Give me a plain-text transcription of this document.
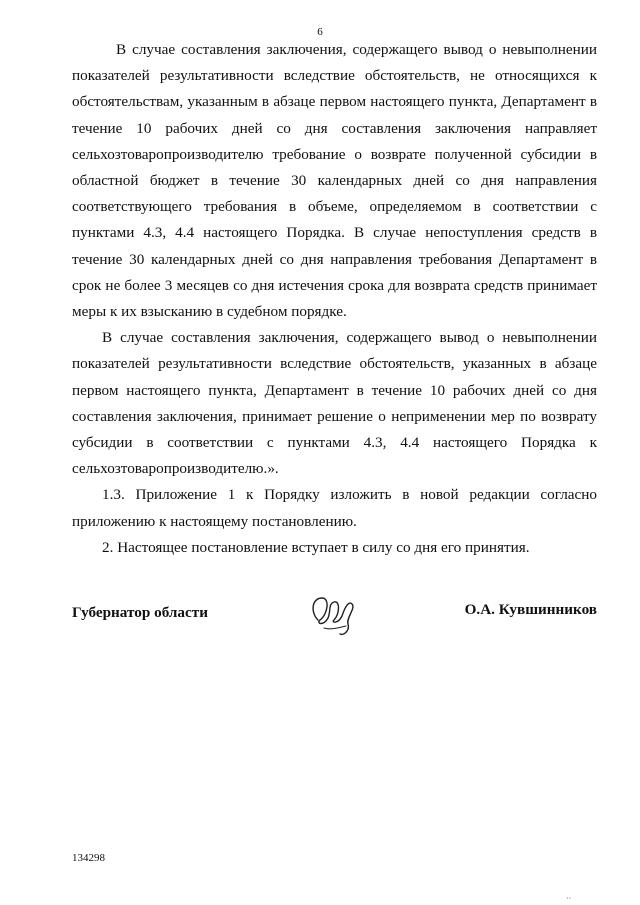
6

В случае составления заключения, содержащего вывод о невыполнении показателей результативности вследствие обстоятельств, не относящихся к обстоятельствам, указанным в абзаце первом настоящего пункта, Департамент в течение 10 рабочих дней со дня составления заключения направляет сельхозтоваропроизводителю требование о возврате полученной субсидии в областной бюджет в течение 30 календарных дней со дня направления соответствующего требования в объеме, определяемом в соответствии с пунктами 4.3, 4.4 настоящего Порядка. В случае непоступления средств в течение 30 календарных дней со дня направления требования Департамент в срок не более 3 месяцев со дня истечения срока для возврата средств принимает меры к их взысканию в судебном порядке.

В случае составления заключения, содержащего вывод о невыполнении показателей результативности вследствие обстоятельств, указанных в абзаце первом настоящего пункта, Департамент в течение 10 рабочих дней со дня составления заключения, принимает решение о неприменении мер по возврату субсидии в соответствии с пунктами 4.3, 4.4 настоящего Порядка к сельхозтоваропроизводителю.».

1.3. Приложение 1 к Порядку изложить в новой редакции согласно приложению к настоящему постановлению.

2. Настоящее постановление вступает в силу со дня его принятия.

Губернатор области	О.А. Кувшинников
134298
··
